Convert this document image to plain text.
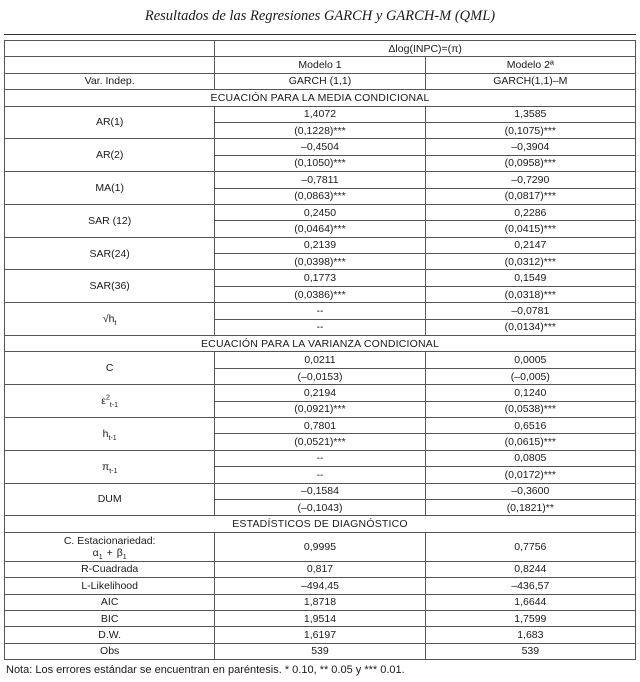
Resultados de las Regresiones GARCH y GARCH-M (QML)
	Δlog(INPC)=(π)	
	Modelo 1	Modelo 2ª
Var. Indep.	GARCH (1,1)	GARCH(1,1)–M
ECUACIÓN PARA LA MEDIA CONDICIONAL		
AR(1)	1,4072	1,3585
	(0,1228)***	(0,1075)***
AR(2)	–0,4504	–0,3904
	(0,1050)***	(0,0958)***
MA(1)	–0,7811	–0,7290
	(0,0863)***	(0,0817)***
SAR (12)	0,2450	0,2286
	(0,0464)***	(0,0415)***
SAR(24)	0,2139	0,2147
	(0,0398)***	(0,0312)***
SAR(36)	0,1773	0,1549
	(0,0386)***	(0,0318)***
$√h_t$	--	–0,0781
	--	(0,0134)***
ECUACIÓN PARA LA VARIANZA CONDICIONAL		
C	0,0211	0,0005
	(–0,0153)	(–0,005)
$\varepsilon^2_{t-1}$	0,2194	0,1240
	(0,0921)***	(0,0538)***
$h_{t-1}$	0,7801	0,6516
	(0,0521)***	(0,0615)***
$\pi_{t-1}$	--	0,0805
	--	(0,0172)***
DUM	–0,1584	–0,3600
	(–0,1043)	(0,1821)**
ESTADÍSTICOS DE DIAGNÓSTICO		
C. Estacionariedad:
$\alpha_1 + \beta_1$	0,9995	0,7756
R-Cuadrada	0,817	0,8244
L-Likelihood	–494,45	–436,57
AIC	1,8718	1,6644
BIC	1,9514	1,7599
D.W.	1,6197	1,683
Obs	539	539
Nota: Los errores estándar se encuentran en paréntesis. * 0.10, ** 0.05 y *** 0.01.
